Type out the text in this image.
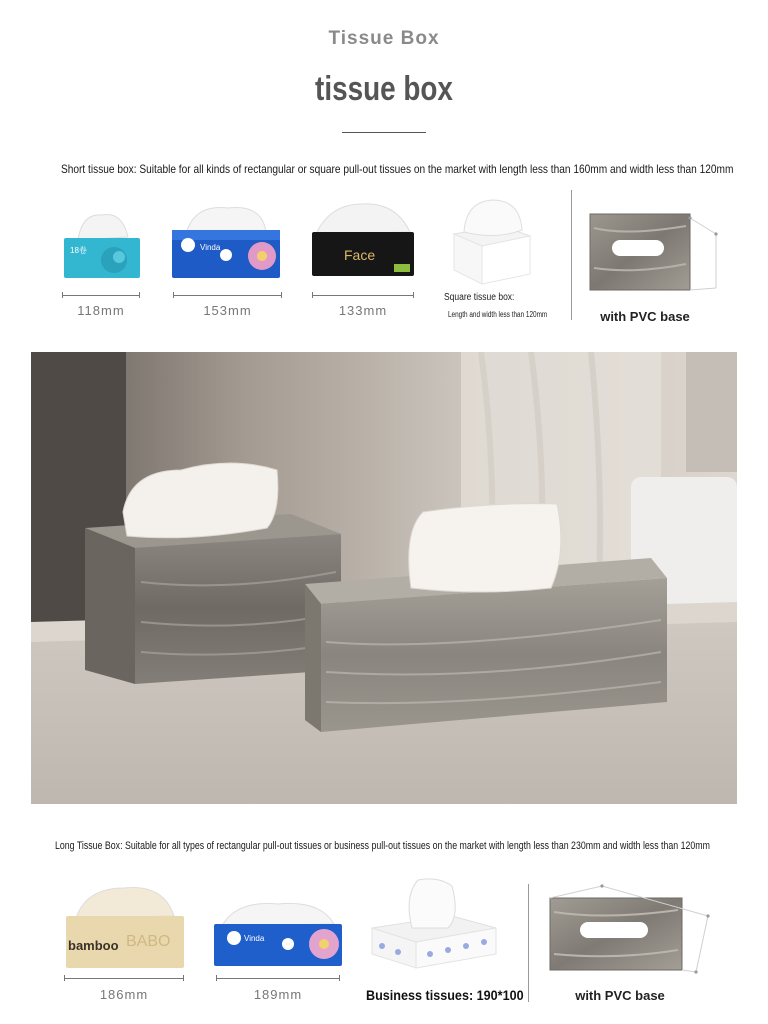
Tissue Box
tissue box
Short tissue box: Suitable for all kinds of rectangular or square pull-out tissues on the market with length less than 160mm and width less than 120mm
18卷
118mm
Vinda
153mm
Face
133mm
Square tissue box:
Length and width less than 120mm	with PVC base
Long Tissue Box: Suitable for all types of rectangular pull-out tissues or business pull-out tissues on the market with length less than 230mm and width less than 120mm
bamboo BABO
186mm
Vinda
189mm	Business tissues: 190*100	with PVC base
